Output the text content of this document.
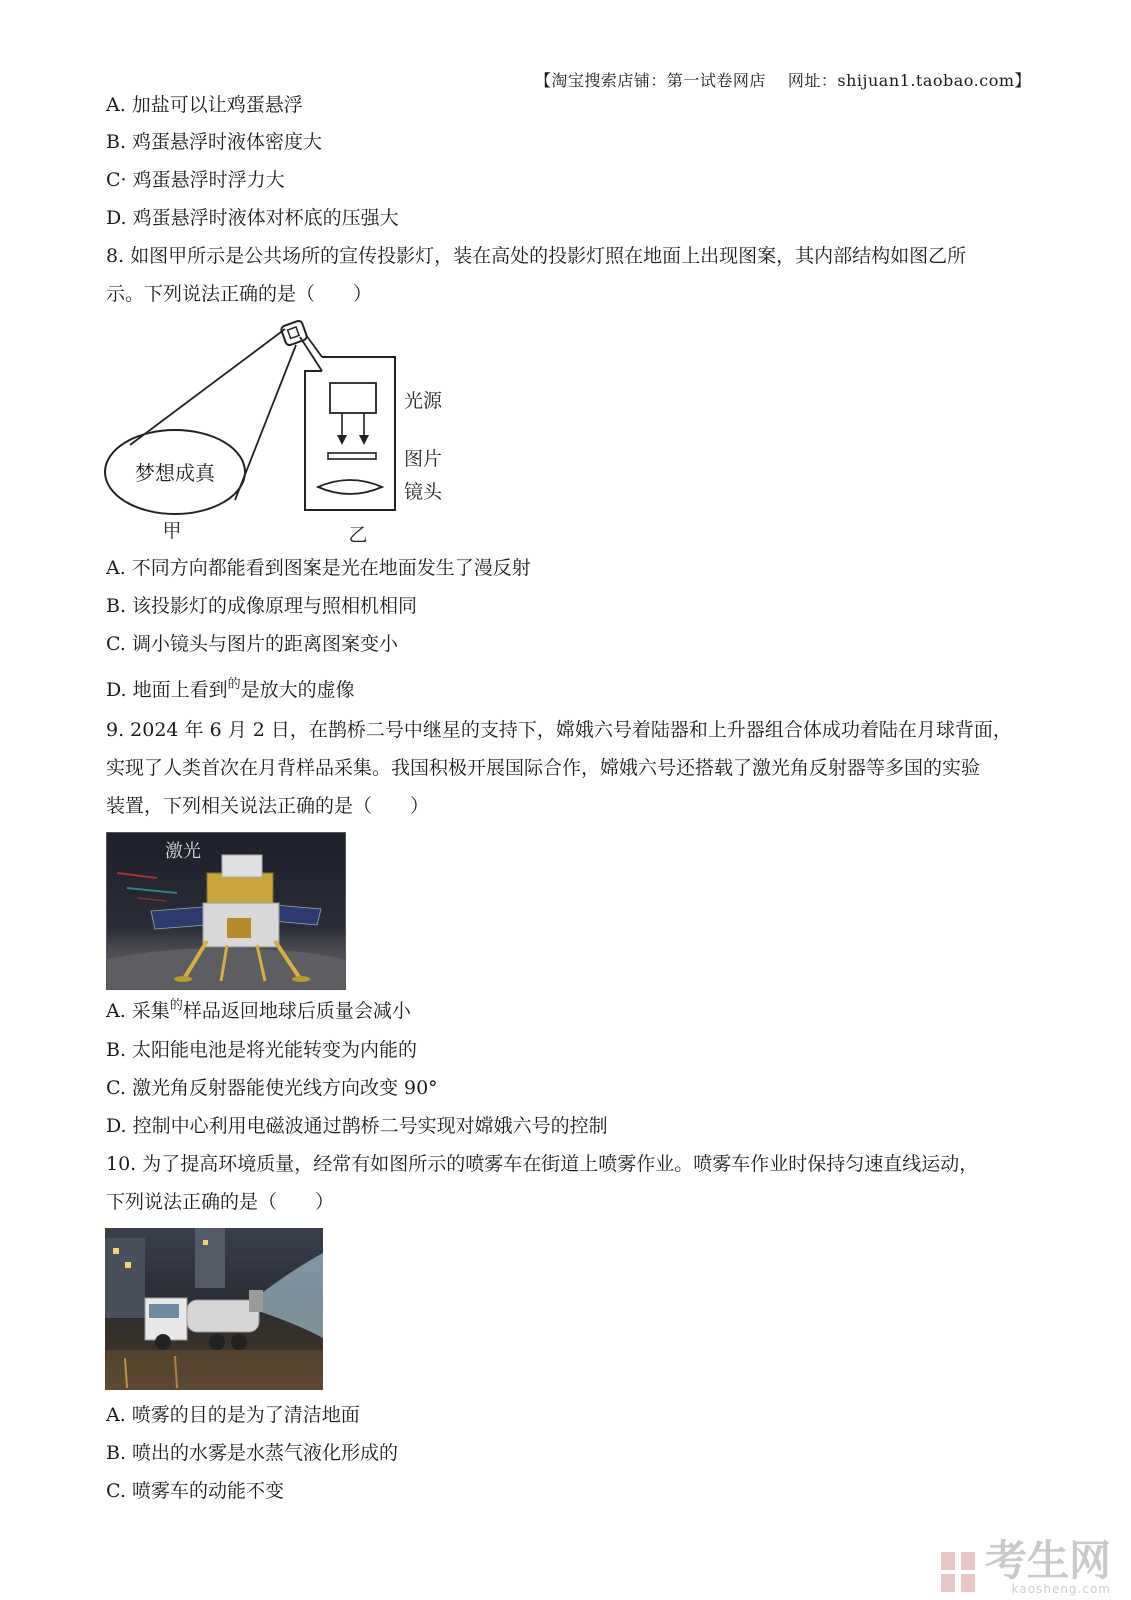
【淘宝搜索店铺：第一试卷网店　 网址：shijuan1.taobao.com】
A. 加盐可以让鸡蛋悬浮
B. 鸡蛋悬浮时液体密度大
C· 鸡蛋悬浮时浮力大
D. 鸡蛋悬浮时液体对杯底的压强大
8. 如图甲所示是公共场所的宣传投影灯，装在高处的投影灯照在地面上出现图案，其内部结构如图乙所
示。下列说法正确的是（　　）
梦想成真
甲
光源
图片
镜头
乙
A. 不同方向都能看到图案是光在地面发生了漫反射
B. 该投影灯的成像原理与照相机相同
C. 调小镜头与图片的距离图案变小
D. 地面上看到$^的$是放大的虚像
9. 2024 年 6 月 2 日，在鹊桥二号中继星的支持下，嫦娥六号着陆器和上升器组合体成功着陆在月球背面，
实现了人类首次在月背样品采集。我国积极开展国际合作，嫦娥六号还搭载了激光角反射器等多国的实验
装置，下列相关说法正确的是（　　）
激光
A. 采集$^的$样品返回地球后质量会减小
B. 太阳能电池是将光能转变为内能的
C. 激光角反射器能使光线方向改变 90°
D. 控制中心利用电磁波通过鹊桥二号实现对嫦娥六号的控制
10. 为了提高环境质量，经常有如图所示的喷雾车在街道上喷雾作业。喷雾车作业时保持匀速直线运动，
下列说法正确的是（　　）
A. 喷雾的目的是为了清洁地面
B. 喷出的水雾是水蒸气液化形成的
C. 喷雾车的动能不变
考生网
kaosheng.com
